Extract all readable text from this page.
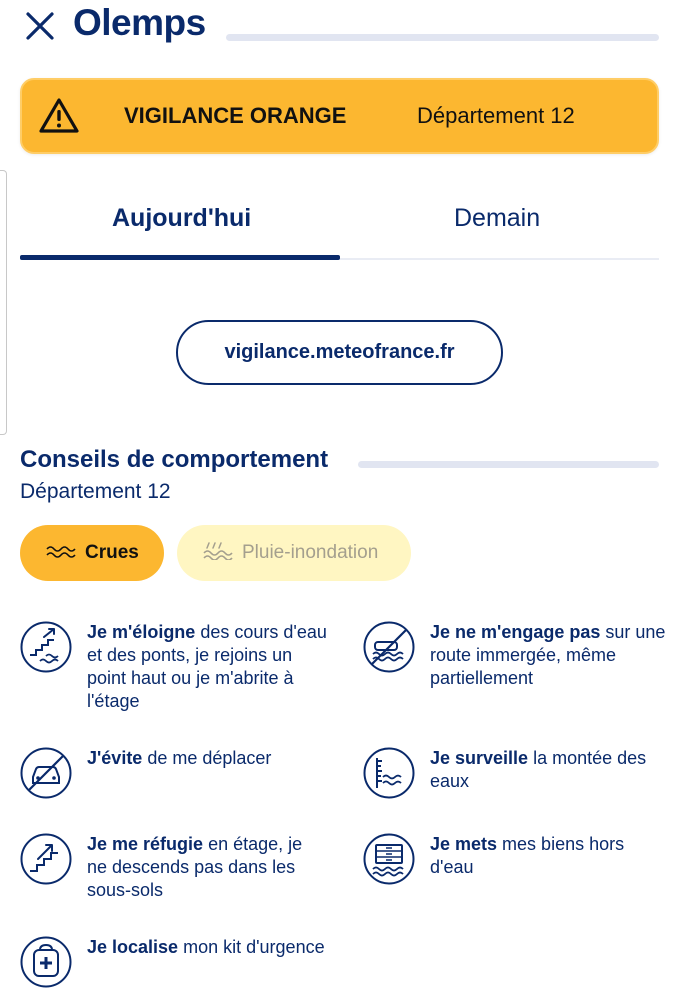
Olemps
VIGILANCE ORANGE	Département 12
Aujourd'hui	Demain
vigilance.meteofrance.fr
Conseils de comportement
Département 12
Crues	Pluie-inondation
Je m'éloigne des cours d'eau et des ponts, je rejoins un point haut ou je m'abrite à l'étage
Je ne m'engage pas sur une route immergée, même partiellement
J'évite de me déplacer	Je surveille la montée des eaux
Je me réfugie en étage, je ne descends pas dans les sous-sols
Je mets mes biens hors d'eau
Je localise mon kit d'urgence
